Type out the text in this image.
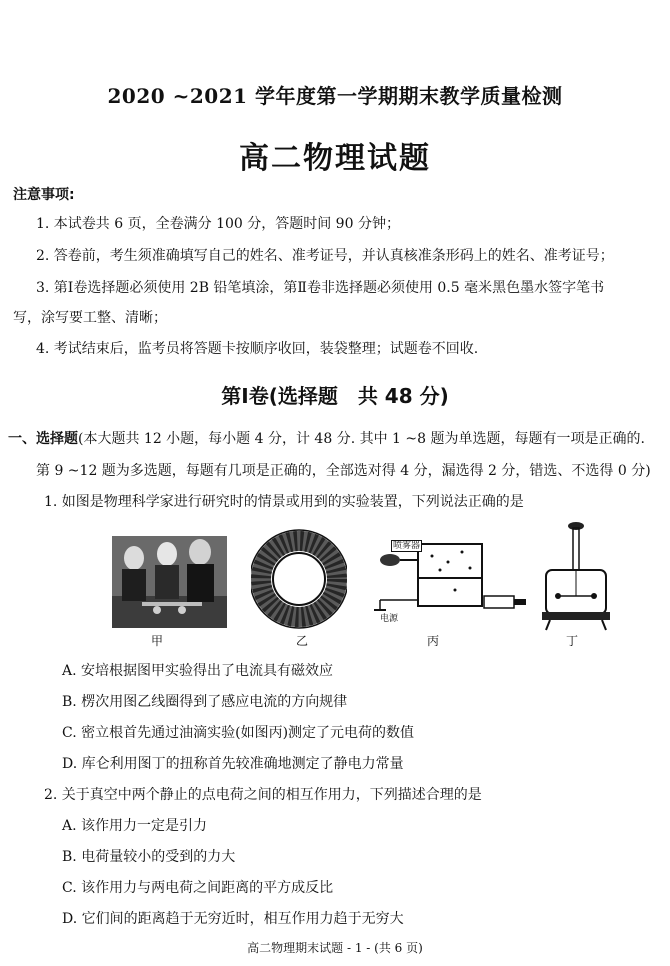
2020 ~2021 学年度第一学期期末教学质量检测
高二物理试题
注意事项:
1. 本试卷共 6 页，全卷满分 100 分，答题时间 90 分钟；
2. 答卷前，考生须准确填写自己的姓名、准考证号，并认真核准条形码上的姓名、准考证号；
3. 第Ⅰ卷选择题必须使用 2B 铅笔填涂，第Ⅱ卷非选择题必须使用 0.5 毫米黑色墨水签字笔书
写，涂写要工整、清晰；
4. 考试结束后，监考员将答题卡按顺序收回，装袋整理；试题卷不回收.
第Ⅰ卷(选择题　共 48 分)
一、选择题(本大题共 12 小题，每小题 4 分，计 48 分. 其中 1 ~8 题为单选题，每题有一项是正确的.
第 9 ~12 题为多选题，每题有几项是正确的，全部选对得 4 分，漏选得 2 分，错选、不选得 0 分)
1. 如图是物理科学家进行研究时的情景或用到的实验装置，下列说法正确的是
甲	乙
喷雾器
电源
丙	丁
A. 安培根据图甲实验得出了电流具有磁效应
B. 楞次用图乙线圈得到了感应电流的方向规律
C. 密立根首先通过油滴实验(如图丙)测定了元电荷的数值
D. 库仑利用图丁的扭称首先较准确地测定了静电力常量
2. 关于真空中两个静止的点电荷之间的相互作用力，下列描述合理的是
A. 该作用力一定是引力
B. 电荷量较小的受到的力大
C. 该作用力与两电荷之间距离的平方成反比
D. 它们间的距离趋于无穷近时，相互作用力趋于无穷大
高二物理期末试题 - 1 - (共 6 页)
